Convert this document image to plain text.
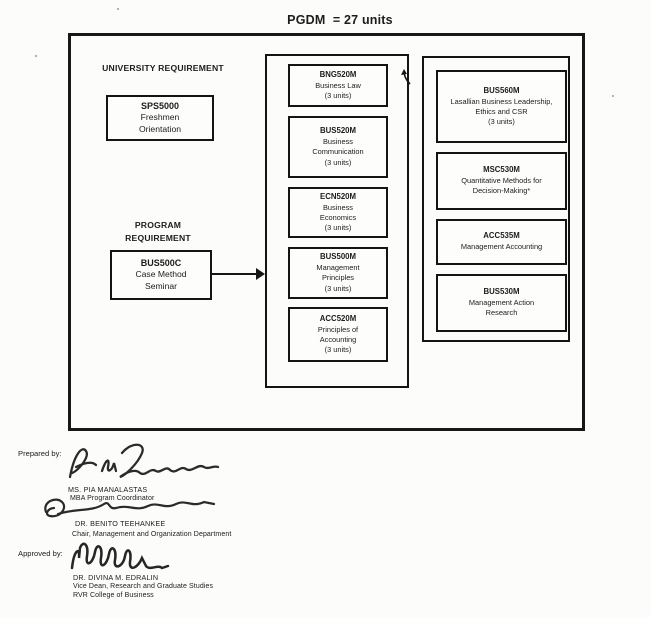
PGDM  = 27 units
UNIVERSITY REQUIREMENT
SPS5000
Freshmen Orientation
PROGRAM REQUIREMENT
BUS500C
Case Method Seminar
BNG520M
Business Law
(3 units)
BUS520M
Business Communication
(3 units)
ECN520M
Business Economics
(3 units)
BUS500M
Management Principles
(3 units)
ACC520M
Principles of Accounting
(3 units)
BUS560M
Lasallian Business Leadership, Ethics and CSR
(3 units)
MSC530M
Quantitative Methods for Decision-Making*
ACC535M
Management Accounting
BUS530M
Management Action Research
Prepared by:
MS. PIA MANALASTAS
MBA Program Coordinator
DR. BENITO TEEHANKEE
Chair, Management and Organization Department
Approved by:
DR. DIVINA M. EDRALIN
Vice Dean, Research and Graduate Studies
RVR College of Business
